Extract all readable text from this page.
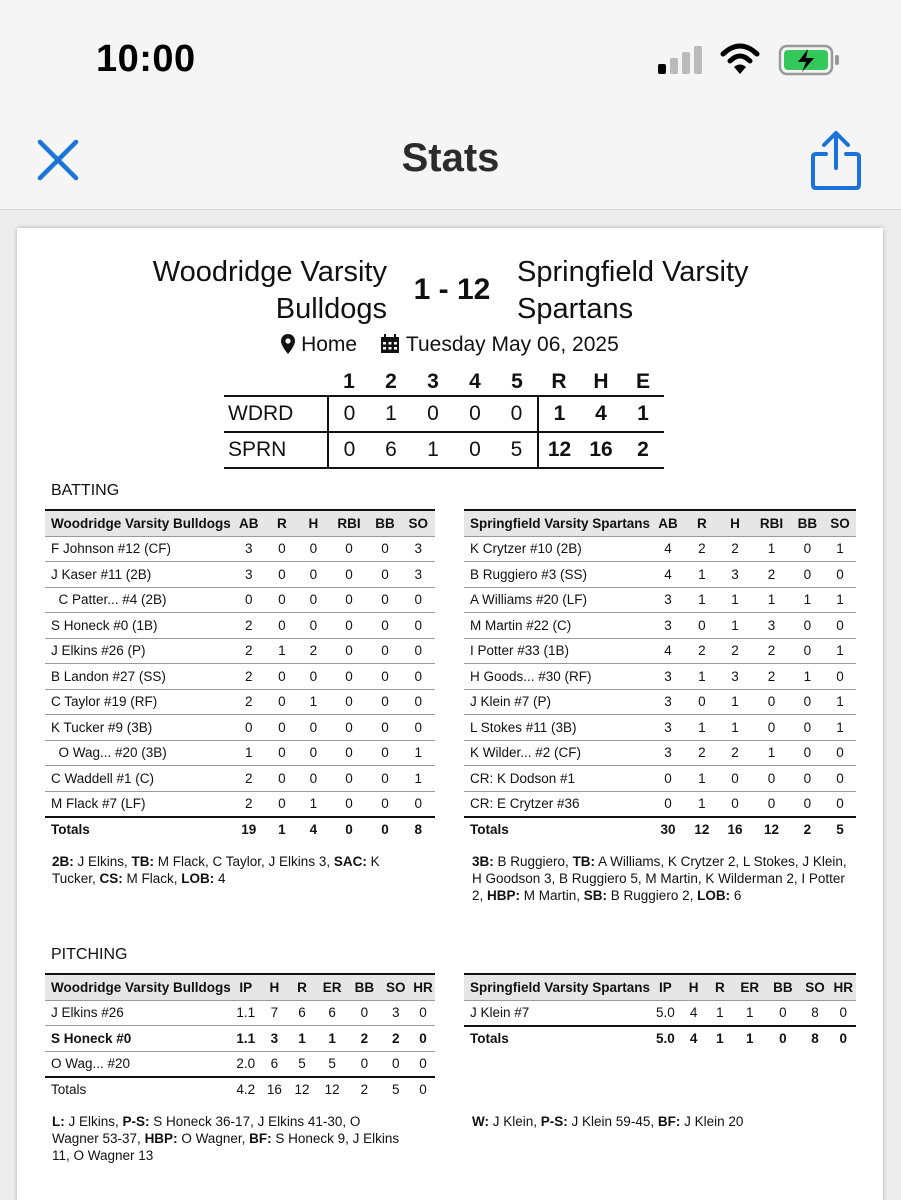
10:00
Stats
Woodridge Varsity
Bulldogs
1 - 12
Springfield Varsity
Spartans
Home Tuesday May 06, 2025
	1	2	3	4	5	R	H	E
WDRD	0	1	0	0	0	1	4	1
SPRN	0	6	1	0	5	12	16	2
BATTING
Woodridge Varsity Bulldogs	AB	R	H	RBI	BB	SO
F Johnson #12 (CF)	3	0	0	0	0	3
J Kaser #11 (2B)	3	0	0	0	0	3
C Patter... #4 (2B)	0	0	0	0	0	0
S Honeck #0 (1B)	2	0	0	0	0	0
J Elkins #26 (P)	2	1	2	0	0	0
B Landon #27 (SS)	2	0	0	0	0	0
C Taylor #19 (RF)	2	0	1	0	0	0
K Tucker #9 (3B)	0	0	0	0	0	0
O Wag... #20 (3B)	1	0	0	0	0	1
C Waddell #1 (C)	2	0	0	0	0	1
M Flack #7 (LF)	2	0	1	0	0	0
Totals	19	1	4	0	0	8
Springfield Varsity Spartans	AB	R	H	RBI	BB	SO
K Crytzer #10 (2B)	4	2	2	1	0	1
B Ruggiero #3 (SS)	4	1	3	2	0	0
A Williams #20 (LF)	3	1	1	1	1	1
M Martin #22 (C)	3	0	1	3	0	0
I Potter #33 (1B)	4	2	2	2	0	1
H Goods... #30 (RF)	3	1	3	2	1	0
J Klein #7 (P)	3	0	1	0	0	1
L Stokes #11 (3B)	3	1	1	0	0	1
K Wilder... #2 (CF)	3	2	2	1	0	0
CR: K Dodson #1	0	1	0	0	0	0
CR: E Crytzer #36	0	1	0	0	0	0
Totals	30	12	16	12	2	5
2B: J Elkins, TB: M Flack, C Taylor, J Elkins 3, SAC: K Tucker, CS: M Flack, LOB: 4
3B: B Ruggiero, TB: A Williams, K Crytzer 2, L Stokes, J Klein, H Goodson 3, B Ruggiero 5, M Martin, K Wilderman 2, I Potter 2, HBP: M Martin, SB: B Ruggiero 2, LOB: 6
PITCHING
Woodridge Varsity Bulldogs	IP	H	R	ER	BB	SO	HR
J Elkins #26	1.1	7	6	6	0	3	0
S Honeck #0	1.1	3	1	1	2	2	0
O Wag... #20	2.0	6	5	5	0	0	0
Totals	4.2	16	12	12	2	5	0
Springfield Varsity Spartans	IP	H	R	ER	BB	SO	HR
J Klein #7	5.0	4	1	1	0	8	0
Totals	5.0	4	1	1	0	8	0
L: J Elkins, P-S: S Honeck 36-17, J Elkins 41-30, O Wagner 53-37, HBP: O Wagner, BF: S Honeck 9, J Elkins 11, O Wagner 13
W: J Klein, P-S: J Klein 59-45, BF: J Klein 20
